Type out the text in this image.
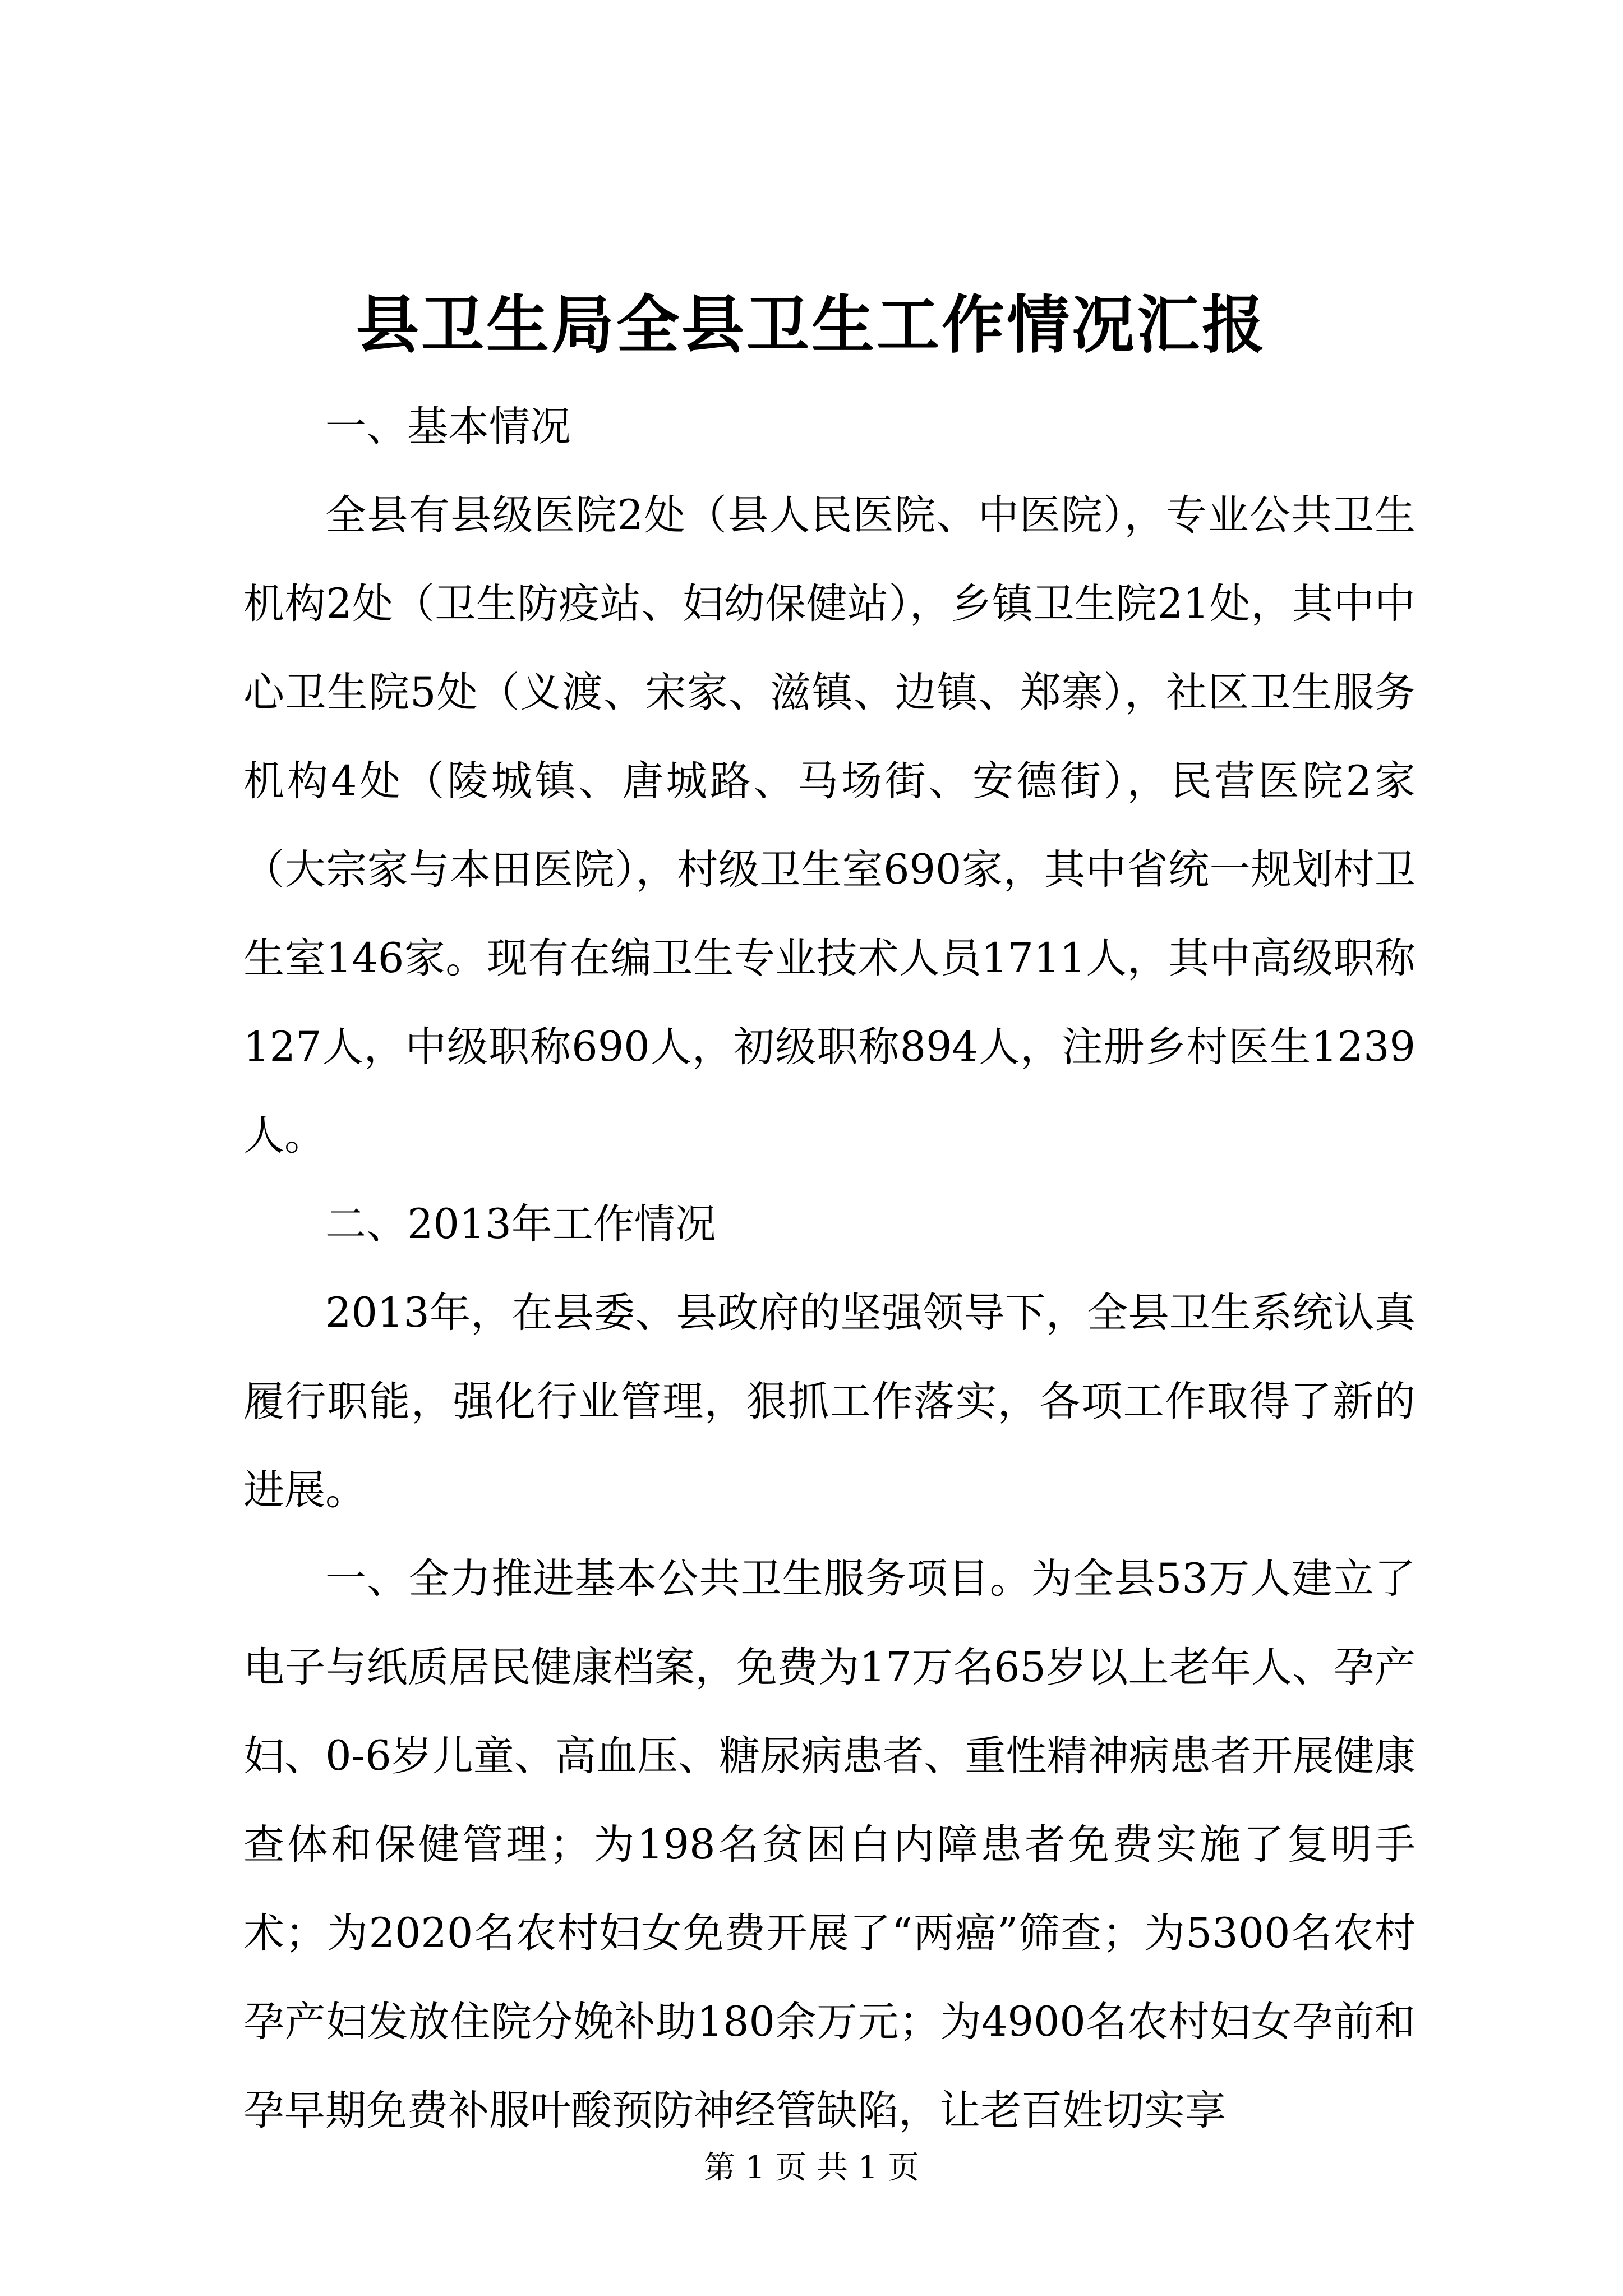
县卫生局全县卫生工作情况汇报

一、基本情况

全县有县级医院2处（县人民医院、中医院），专业公共卫生机构2处（卫生防疫站、妇幼保健站），乡镇卫生院21处，其中中心卫生院5处（义渡、宋家、滋镇、边镇、郑寨），社区卫生服务机构4处（陵城镇、唐城路、马场街、安德街），民营医院2家（大宗家与本田医院），村级卫生室690家，其中省统一规划村卫生室146家。现有在编卫生专业技术人员1711人，其中高级职称127人，中级职称690人，初级职称894人，注册乡村医生1239人。

二、2013年工作情况

2013年，在县委、县政府的坚强领导下，全县卫生系统认真履行职能，强化行业管理，狠抓工作落实，各项工作取得了新的进展。

一、全力推进基本公共卫生服务项目。为全县53万人建立了电子与纸质居民健康档案，免费为17万名65岁以上老年人、孕产妇、0-6岁儿童、高血压、糖尿病患者、重性精神病患者开展健康查体和保健管理；为198名贫困白内障患者免费实施了复明手术；为2020名农村妇女免费开展了“两癌”筛查；为5300名农村孕产妇发放住院分娩补助180余万元；为4900名农村妇女孕前和孕早期免费补服叶酸预防神经管缺陷，让老百姓切实享

第 1 页 共 1 页
